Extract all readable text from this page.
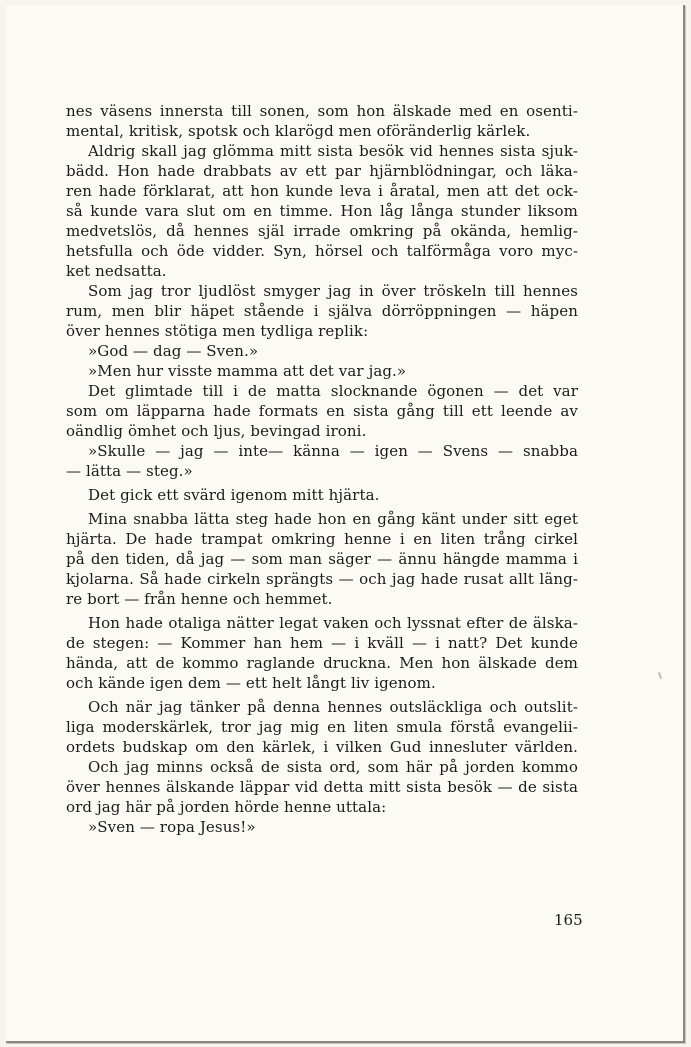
nes väsens innersta till sonen, som hon älskade med en osenti-
mental, kritisk, spotsk och klarögd men oföränderlig kärlek.
Aldrig skall jag glömma mitt sista besök vid hennes sista sjuk-
bädd. Hon hade drabbats av ett par hjärnblödningar, och läka-
ren hade förklarat, att hon kunde leva i åratal, men att det ock-
så kunde vara slut om en timme. Hon låg långa stunder liksom
medvetslös, då hennes själ irrade omkring på okända, hemlig-
hetsfulla och öde vidder. Syn, hörsel och talförmåga voro myc-
ket nedsatta.
Som jag tror ljudlöst smyger jag in över tröskeln till hennes
rum, men blir häpet stående i själva dörröppningen — häpen
över hennes stötiga men tydliga replik:
»God — dag — Sven.»
»Men hur visste mamma att det var jag.»
Det glimtade till i de matta slocknande ögonen — det var
som om läpparna hade formats en sista gång till ett leende av
oändlig ömhet och ljus, bevingad ironi.
»Skulle — jag — inte— känna — igen — Svens — snabba
— lätta — steg.»
Det gick ett svärd igenom mitt hjärta.
Mina snabba lätta steg hade hon en gång känt under sitt eget
hjärta. De hade trampat omkring henne i en liten trång cirkel
på den tiden, då jag — som man säger — ännu hängde mamma i
kjolarna. Så hade cirkeln sprängts — och jag hade rusat allt läng-
re bort — från henne och hemmet.
Hon hade otaliga nätter legat vaken och lyssnat efter de älska-
de stegen: — Kommer han hem — i kväll — i natt? Det kunde
hända, att de kommo raglande druckna. Men hon älskade dem
och kände igen dem — ett helt långt liv igenom.
Och när jag tänker på denna hennes outsläckliga och outslit-
liga moderskärlek, tror jag mig en liten smula förstå evangelii-
ordets budskap om den kärlek, i vilken Gud innesluter världen.
Och jag minns också de sista ord, som här på jorden kommo
över hennes älskande läppar vid detta mitt sista besök — de sista
ord jag här på jorden hörde henne uttala:
»Sven — ropa Jesus!»
165
